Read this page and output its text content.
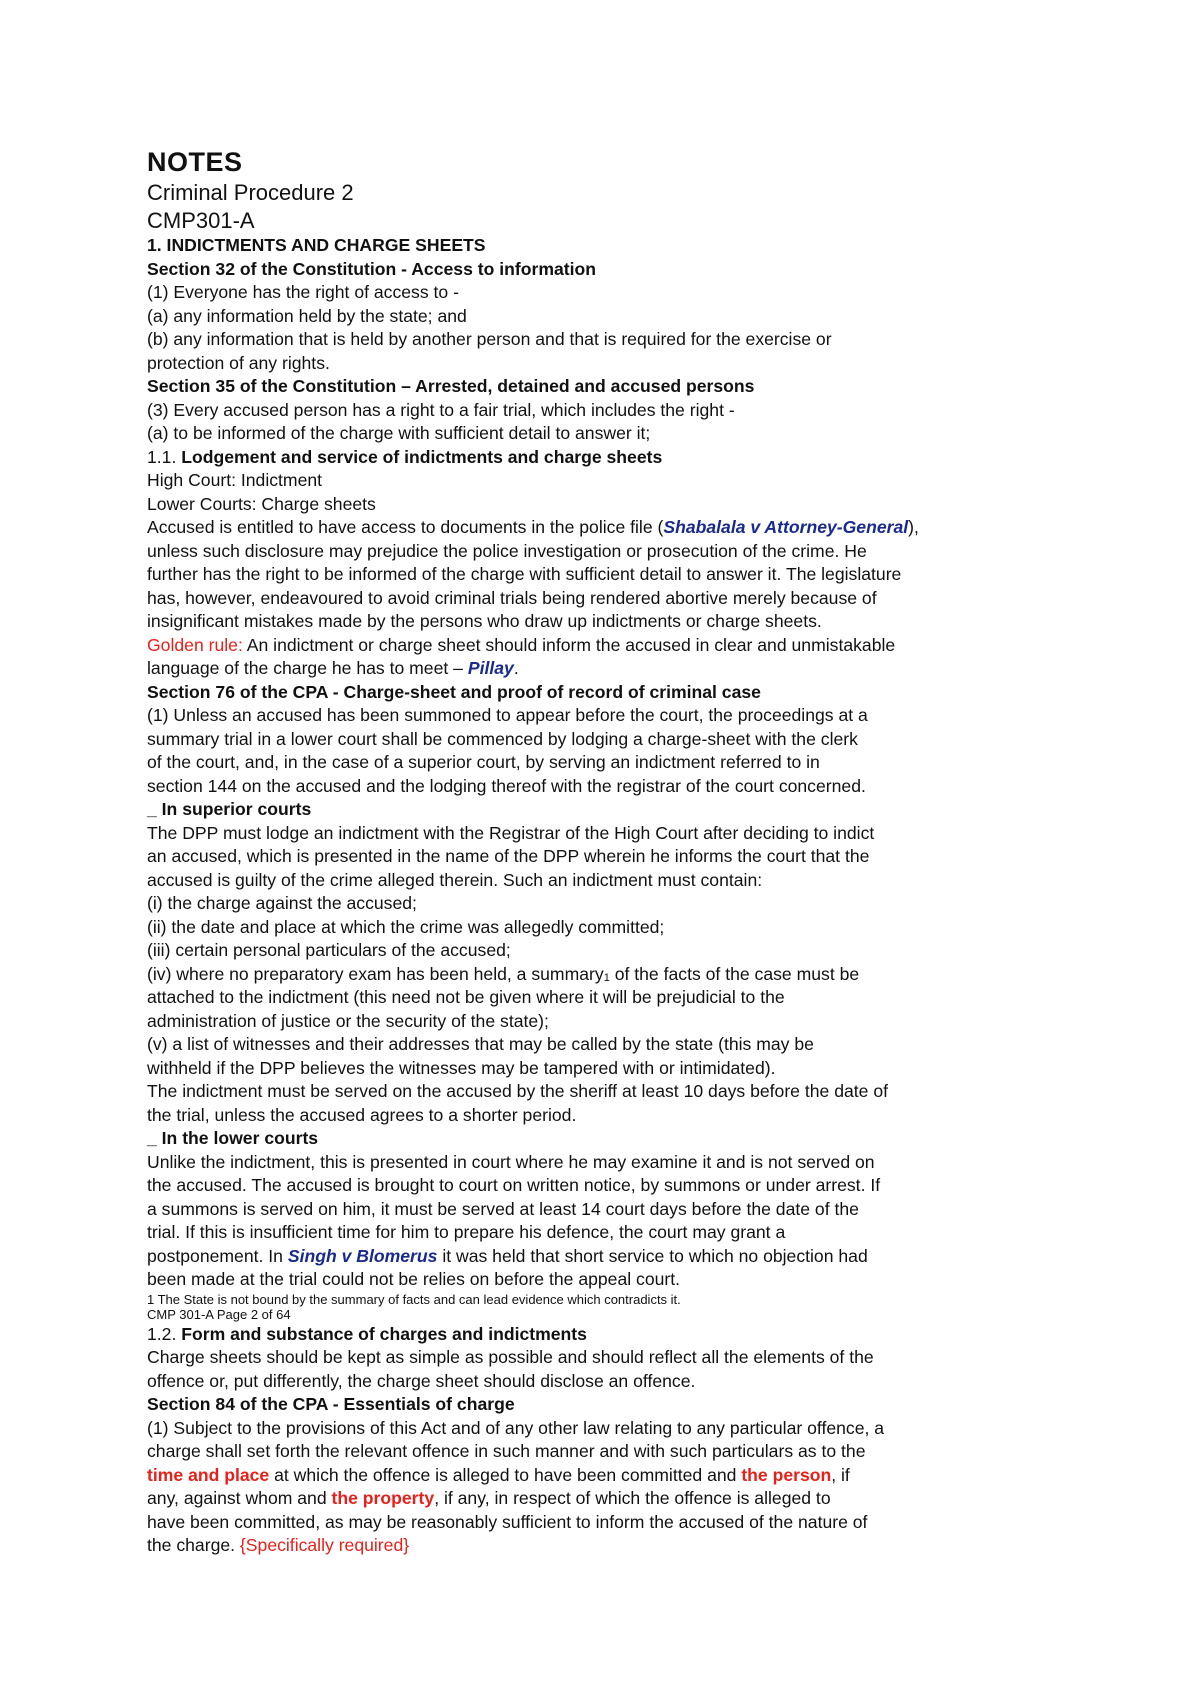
NOTES
Criminal Procedure 2
CMP301-A
1. INDICTMENTS AND CHARGE SHEETS
Section 32 of the Constitution - Access to information
(1) Everyone has the right of access to -
(a) any information held by the state; and
(b) any information that is held by another person and that is required for the exercise or
protection of any rights.
Section 35 of the Constitution – Arrested, detained and accused persons
(3) Every accused person has a right to a fair trial, which includes the right -
(a) to be informed of the charge with sufficient detail to answer it;
1.1. Lodgement and service of indictments and charge sheets
High Court: Indictment
Lower Courts: Charge sheets
Accused is entitled to have access to documents in the police file (Shabalala v Attorney-General),
unless such disclosure may prejudice the police investigation or prosecution of the crime. He
further has the right to be informed of the charge with sufficient detail to answer it. The legislature
has, however, endeavoured to avoid criminal trials being rendered abortive merely because of
insignificant mistakes made by the persons who draw up indictments or charge sheets.
Golden rule: An indictment or charge sheet should inform the accused in clear and unmistakable
language of the charge he has to meet – Pillay.
Section 76 of the CPA - Charge-sheet and proof of record of criminal case
(1) Unless an accused has been summoned to appear before the court, the proceedings at a
summary trial in a lower court shall be commenced by lodging a charge-sheet with the clerk
of the court, and, in the case of a superior court, by serving an indictment referred to in
section 144 on the accused and the lodging thereof with the registrar of the court concerned.
_ In superior courts
The DPP must lodge an indictment with the Registrar of the High Court after deciding to indict
an accused, which is presented in the name of the DPP wherein he informs the court that the
accused is guilty of the crime alleged therein. Such an indictment must contain:
(i) the charge against the accused;
(ii) the date and place at which the crime was allegedly committed;
(iii) certain personal particulars of the accused;
(iv) where no preparatory exam has been held, a summary1 of the facts of the case must be
attached to the indictment (this need not be given where it will be prejudicial to the
administration of justice or the security of the state);
(v) a list of witnesses and their addresses that may be called by the state (this may be
withheld if the DPP believes the witnesses may be tampered with or intimidated).
The indictment must be served on the accused by the sheriff at least 10 days before the date of
the trial, unless the accused agrees to a shorter period.
_ In the lower courts
Unlike the indictment, this is presented in court where he may examine it and is not served on
the accused. The accused is brought to court on written notice, by summons or under arrest. If
a summons is served on him, it must be served at least 14 court days before the date of the
trial. If this is insufficient time for him to prepare his defence, the court may grant a
postponement. In Singh v Blomerus it was held that short service to which no objection had
been made at the trial could not be relies on before the appeal court.
1 The State is not bound by the summary of facts and can lead evidence which contradicts it.
CMP 301-A Page 2 of 64
1.2. Form and substance of charges and indictments
Charge sheets should be kept as simple as possible and should reflect all the elements of the
offence or, put differently, the charge sheet should disclose an offence.
Section 84 of the CPA - Essentials of charge
(1) Subject to the provisions of this Act and of any other law relating to any particular offence, a
charge shall set forth the relevant offence in such manner and with such particulars as to the
time and place at which the offence is alleged to have been committed and the person, if
any, against whom and the property, if any, in respect of which the offence is alleged to
have been committed, as may be reasonably sufficient to inform the accused of the nature of
the charge. {Specifically required}
